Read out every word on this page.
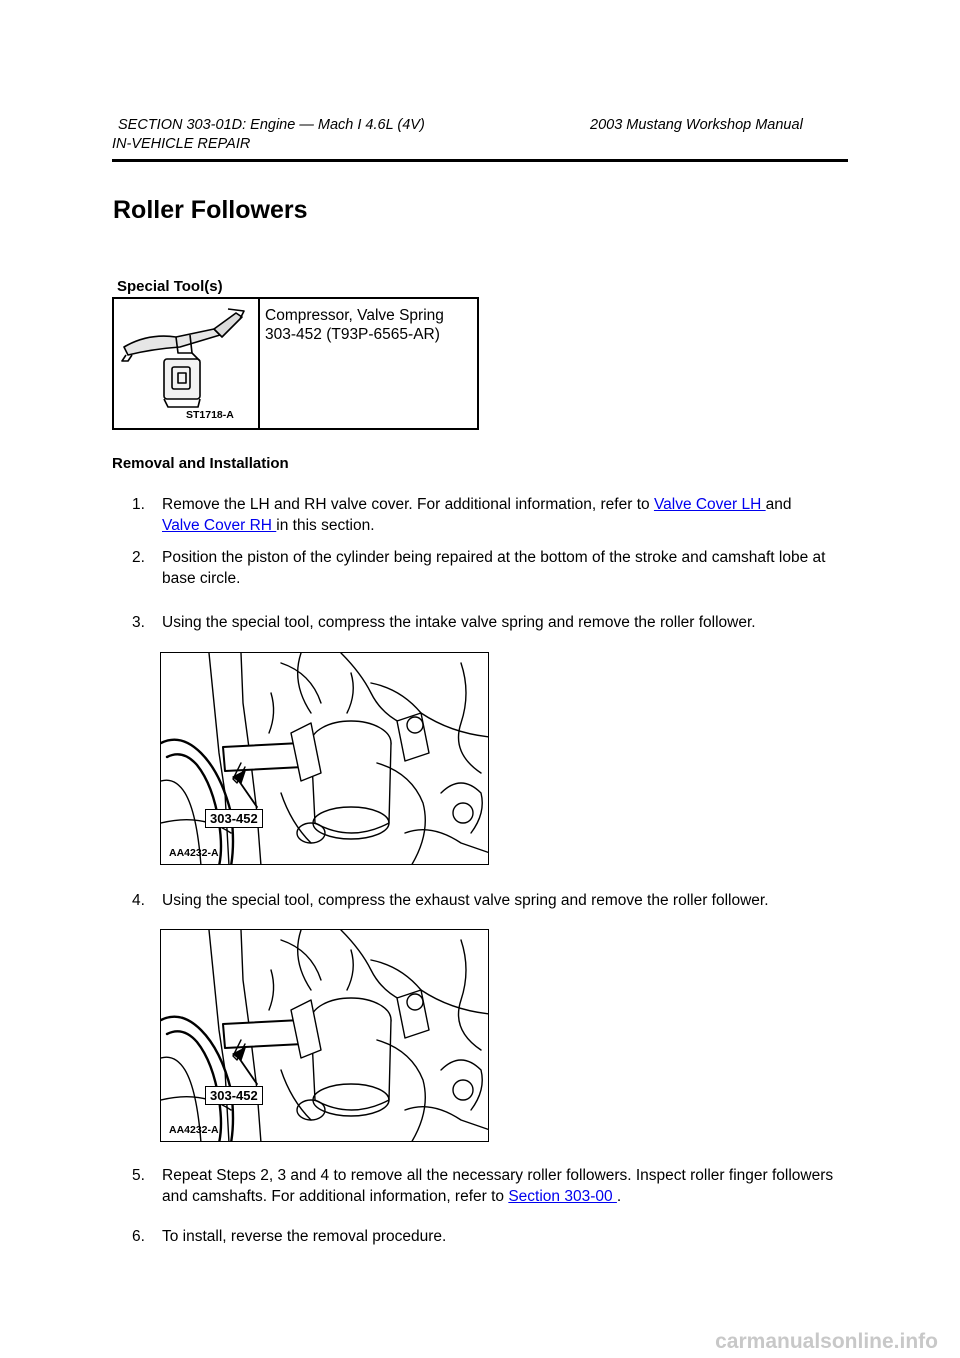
SECTION 303-01D: Engine — Mach I 4.6L (4V)	2003 Mustang Workshop Manual
IN-VEHICLE REPAIR
Roller Followers
Special Tool(s)
ST1718-A
Compressor, Valve Spring
303-452 (T93P-6565-AR)
Removal and Installation
1. Remove the LH and RH valve cover. For additional information, refer to Valve Cover LH and
Valve Cover RH in this section.
2. Position the piston of the cylinder being repaired at the bottom of the stroke and camshaft lobe at base circle.
3. Using the special tool, compress the intake valve spring and remove the roller follower.
303-452
AA4232-A
4. Using the special tool, compress the exhaust valve spring and remove the roller follower.
303-452
AA4232-A
5. Repeat Steps 2, 3 and 4 to remove all the necessary roller followers. Inspect roller finger followers and camshafts. For additional information, refer to Section 303-00 .
6. To install, reverse the removal procedure.
carmanualsonline.info
